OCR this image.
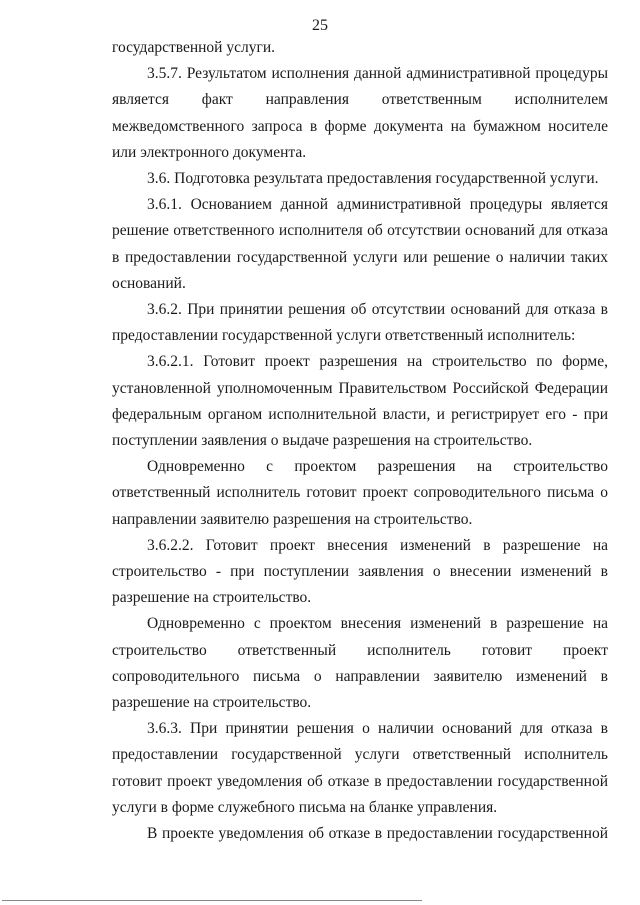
25

государственной услуги.

3.5.7. Результатом исполнения данной административной процедуры является факт направления ответственным исполнителем межведомственного запроса в форме документа на бумажном носителе или электронного документа.

3.6. Подготовка результата предоставления государственной услуги.

3.6.1. Основанием данной административной процедуры является решение ответственного исполнителя об отсутствии оснований для отказа в предоставлении государственной услуги или решение о наличии таких оснований.

3.6.2. При принятии решения об отсутствии оснований для отказа в предоставлении государственной услуги ответственный исполнитель:

3.6.2.1. Готовит проект разрешения на строительство по форме, установленной уполномоченным Правительством Российской Федерации федеральным органом исполнительной власти, и регистрирует его - при поступлении заявления о выдаче разрешения на строительство.

Одновременно с проектом разрешения на строительство ответственный исполнитель готовит проект сопроводительного письма о направлении заявителю разрешения на строительство.

3.6.2.2. Готовит проект внесения изменений в разрешение на строительство - при поступлении заявления о внесении изменений в разрешение на строительство.

Одновременно с проектом внесения изменений в разрешение на строительство ответственный исполнитель готовит проект сопроводительного письма о направлении заявителю изменений в разрешение на строительство.

3.6.3. При принятии решения о наличии оснований для отказа в предоставлении государственной услуги ответственный исполнитель готовит проект уведомления об отказе в предоставлении государственной услуги в форме служебного письма на бланке управления.

В проекте уведомления об отказе в предоставлении государственной
